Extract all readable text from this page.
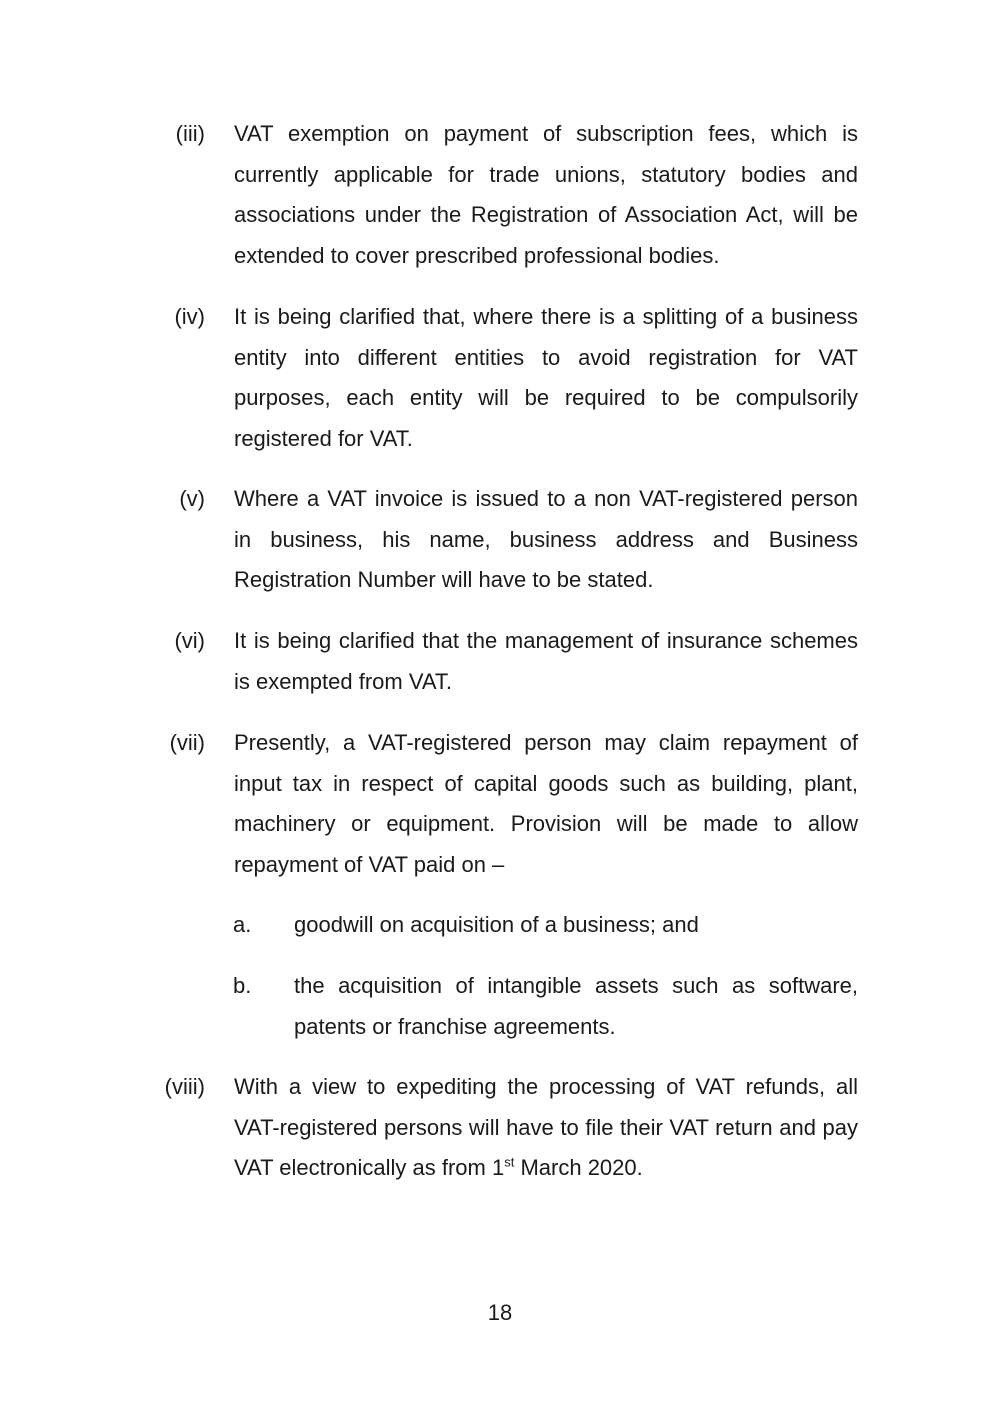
(iii) VAT exemption on payment of subscription fees, which is currently applicable for trade unions, statutory bodies and associations under the Registration of Association Act, will be extended to cover prescribed professional bodies.
(iv) It is being clarified that, where there is a splitting of a business entity into different entities to avoid registration for VAT purposes, each entity will be required to be compulsorily registered for VAT.
(v) Where a VAT invoice is issued to a non VAT-registered person in business, his name, business address and Business Registration Number will have to be stated.
(vi) It is being clarified that the management of insurance schemes is exempted from VAT.
(vii) Presently, a VAT-registered person may claim repayment of input tax in respect of capital goods such as building, plant, machinery or equipment. Provision will be made to allow repayment of VAT paid on –
a.	goodwill on acquisition of a business; and
b.	the acquisition of intangible assets such as software, patents or franchise agreements.
(viii) With a view to expediting the processing of VAT refunds, all VAT-registered persons will have to file their VAT return and pay VAT electronically as from 1st March 2020.
18
